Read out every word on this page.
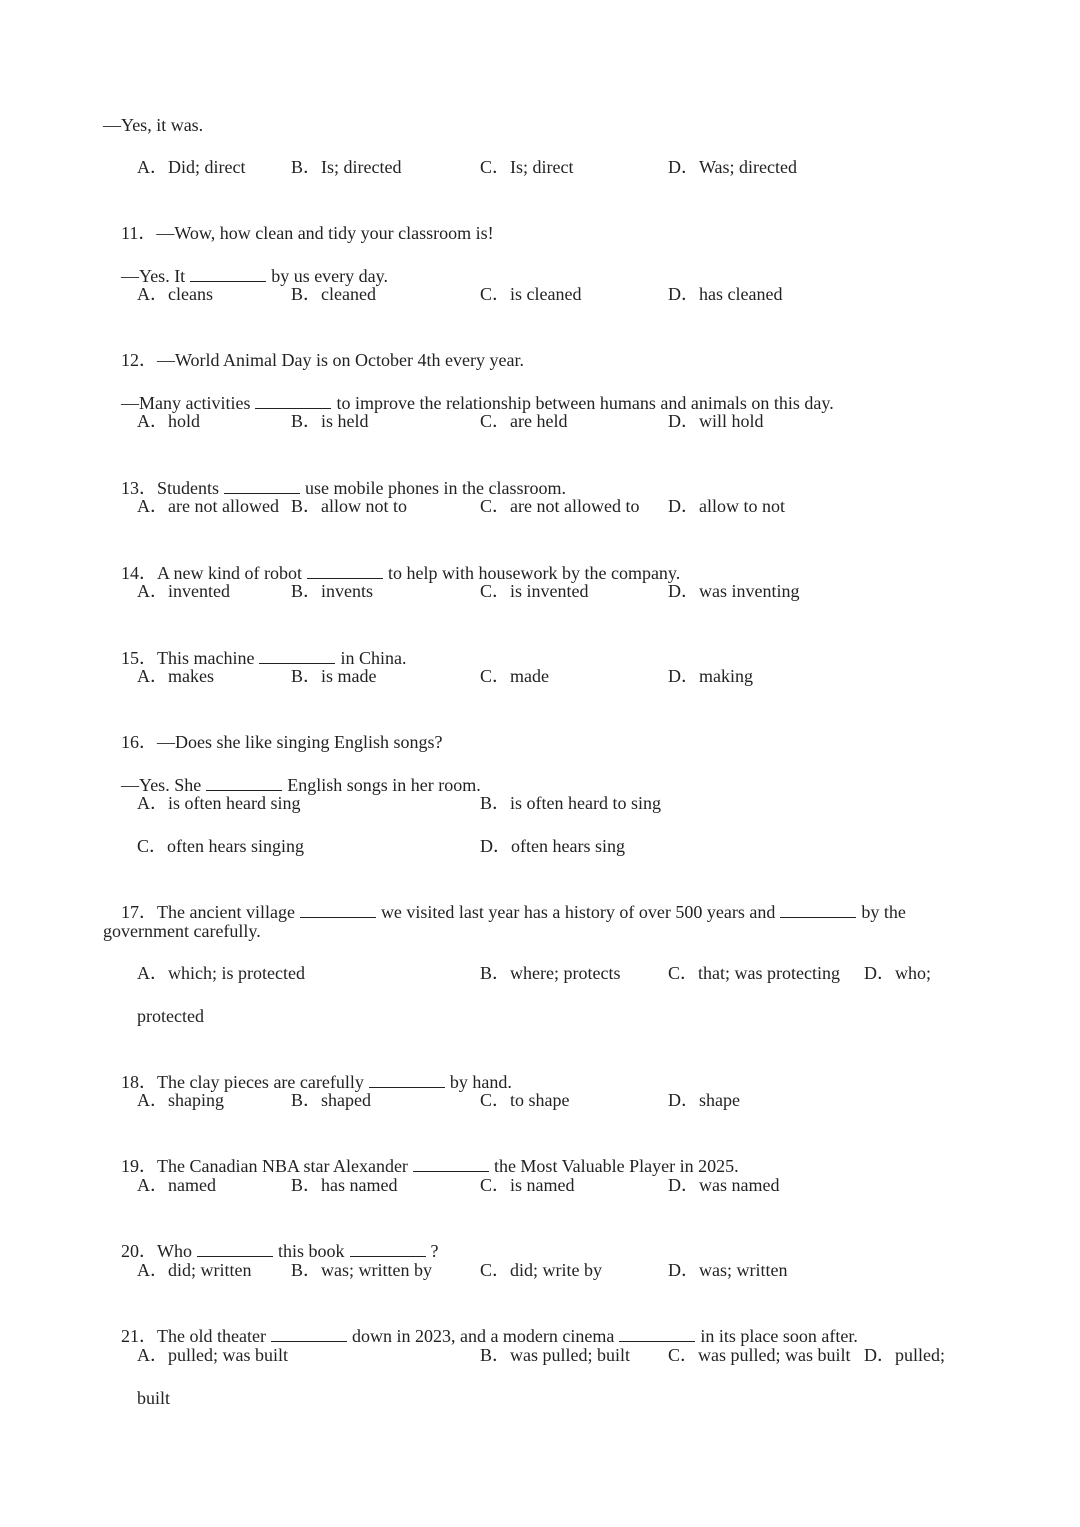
—Yes, it was.
A．Did; direct	B．Is; directed	C．Is; direct	D．Was; directed

11．—Wow, how clean and tidy your classroom is!

—Yes. It	by us every day.

A．cleans	B．cleaned	C．is cleaned	D．has cleaned

12．—World Animal Day is on October 4th every year.

—Many activities	to improve the relationship between humans and animals on this day.

A．hold	B．is held	C．are held	D．will hold

13．Students	use mobile phones in the classroom.

A．are not allowed B．allow not to	C．are not allowed to D．allow to not

14．A new kind of robot	to help with housework by the company.

A．invented	B．invents	C．is invented	D．was inventing

15．This machine	in China.

A．makes	B．is made	C．made	D．making

16．—Does she like singing English songs?

—Yes. She	English songs in her room.

A．is often heard sing	B．is often heard to sing
C．often hears singing	D．often hears sing

17．The ancient village	we visited last year has a history of over 500 years and	by the

government carefully.
A．which; is protected	B．where; protects	C．that; was protecting D．who;
protected

18．The clay pieces are carefully	by hand.

A．shaping	B．shaped	C．to shape	D．shape

19．The Canadian NBA star Alexander	the Most Valuable Player in 2025.

A．named	B．has named	C．is named	D．was named

20．Who	this book	?

A．did; written B．was; written by	C．did; write by	D．was; written

21．The old theater	down in 2023, and a modern cinema	in its place soon after.

A．pulled; was built	B．was pulled; built C．was pulled; was built D．pulled;
built
